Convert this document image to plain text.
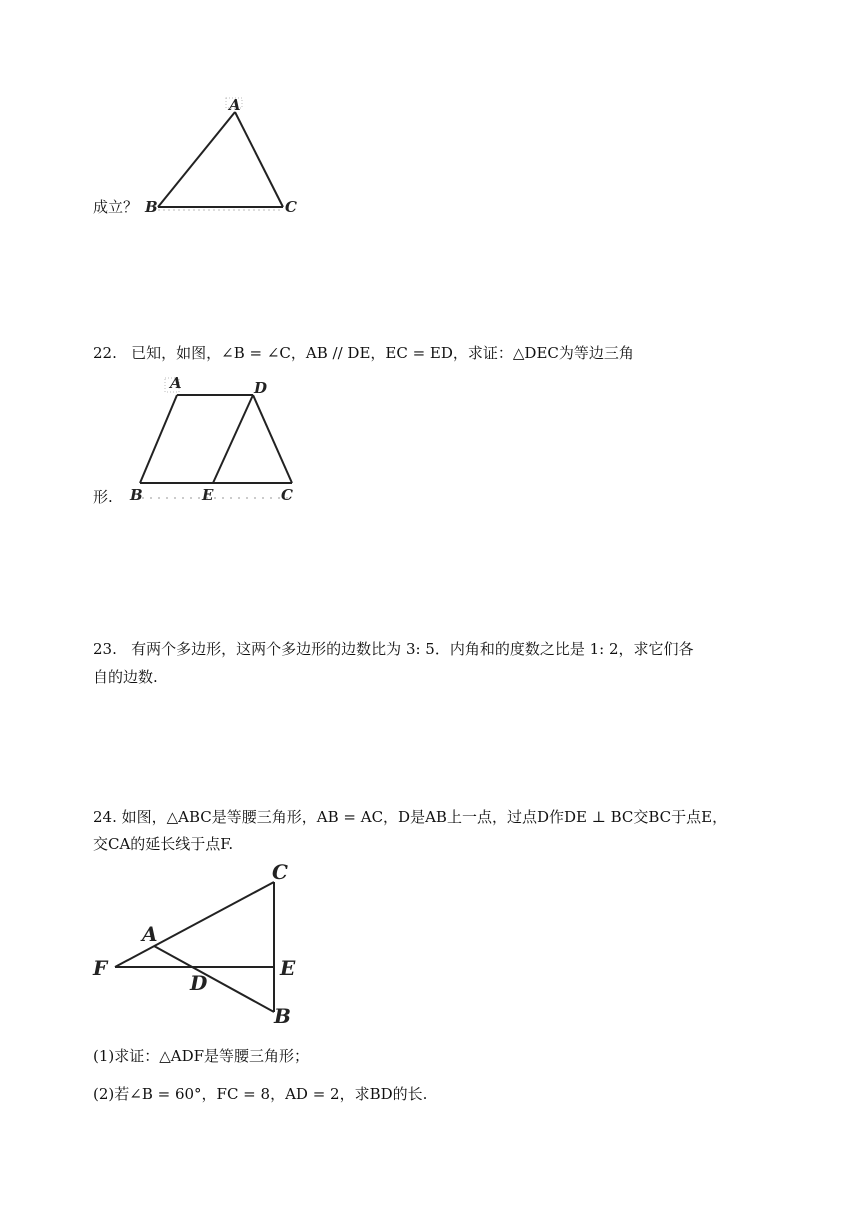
成立？
A
B	C
22. 已知，如图，∠B = ∠C，AB // DE，EC = ED，求证：△DEC为等边三角
形.
A	D
B	E	C
23. 有两个多边形，这两个多边形的边数比为 3: 5．内角和的度数之比是 1: 2，求它们各
自的边数.
24. 如图，△ABC是等腰三角形，AB = AC，D是AB上一点，过点D作DE ⊥ BC交BC于点E，
交CA的延长线于点F.
C
A
F	E
D
B
(1)求证：△ADF是等腰三角形；
(2)若∠B = 60°，FC = 8，AD = 2，求BD的长.
